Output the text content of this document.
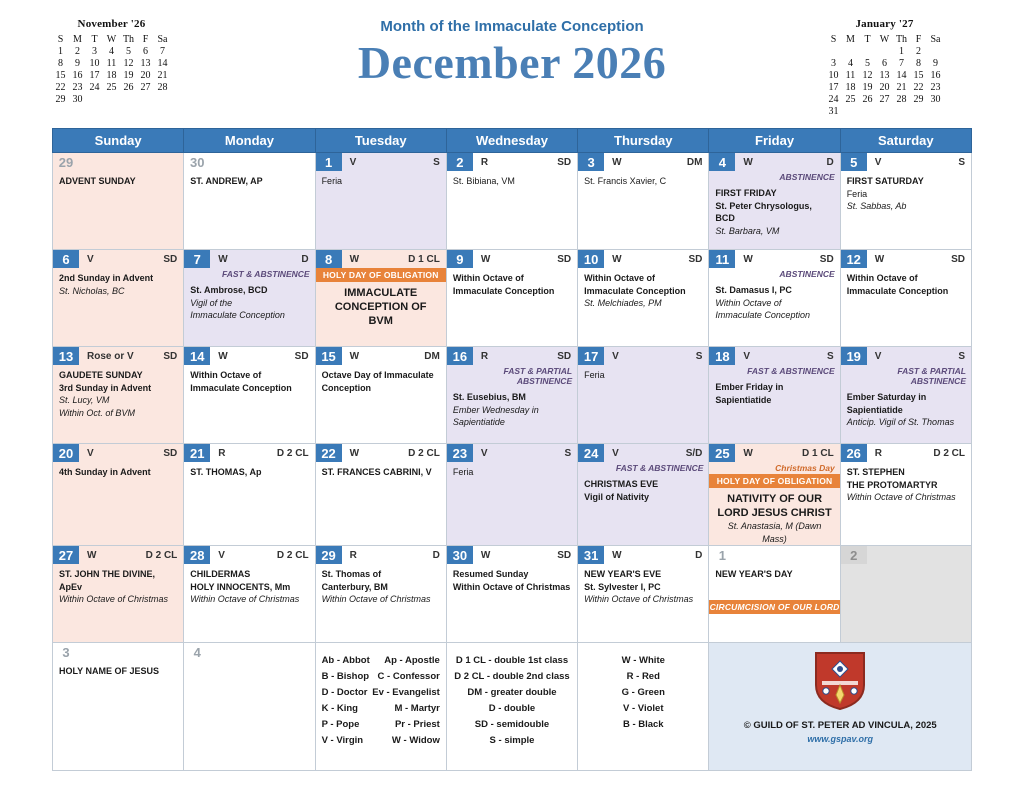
November '26
S	M	T	W	Th	F	Sa
1	2	3	4	5	6	7
8	9	10	11	12	13	14
15	16	17	18	19	20	21
22	23	24	25	26	27	28
29	30					
Month of the Immaculate Conception
December 2026
January '27
S	M	T	W	Th	F	Sa
				1	2	
3	4	5	6	7	8	9
10	11	12	13	14	15	16
17	18	19	20	21	22	23
24	25	26	27	28	29	30
31						
Sunday	Monday	Tuesday	Wednesday	Thursday	Friday	Saturday

29
ADVENT SUNDAY

30
ST. ANDREW, AP

1	V	S
Feria

2	R	SD
St. Bibiana, VM

3	W	DM
St. Francis Xavier, C

4	W	D
ABSTINENCE
FIRST FRIDAY
St. Peter Chrysologus, BCD
St. Barbara, VM

5	V	S
FIRST SATURDAY
Feria
St. Sabbas, Ab

6	V	SD
2nd Sunday in Advent
St. Nicholas, BC

7	W	D
FAST & ABSTINENCE
St. Ambrose, BCD
Vigil of the
Immaculate Conception

8	W	D 1 CL
HOLY DAY OF OBLIGATION
IMMACULATE
CONCEPTION OF BVM

9	W	SD
Within Octave of
Immaculate Conception

10	W	SD
Within Octave of
Immaculate Conception
St. Melchiades, PM

11	W	SD
ABSTINENCE
St. Damasus I, PC
Within Octave of
Immaculate Conception

12	W	SD
Within Octave of
Immaculate Conception

13	Rose or V	SD
GAUDETE SUNDAY
3rd Sunday in Advent
St. Lucy, VM
Within Oct. of BVM

14	W	SD
Within Octave of
Immaculate Conception

15	W	DM
Octave Day of Immaculate
Conception

16	R	SD
FAST & PARTIAL ABSTINENCE
St. Eusebius, BM
Ember Wednesday in
Sapientiatide

17	V	S
Feria

18	V	S
FAST & ABSTINENCE
Ember Friday in
Sapientiatide

19	V	S
FAST & PARTIAL ABSTINENCE
Ember Saturday in
Sapientiatide
Anticip. Vigil of St. Thomas

20	V	SD
4th Sunday in Advent

21	R	D 2 CL
ST. THOMAS, Ap

22	W	D 2 CL
ST. FRANCES CABRINI, V

23	V	S
Feria

24	V	S/D
FAST & ABSTINENCE
CHRISTMAS EVE
Vigil of Nativity

25	W	D 1 CL
Christmas Day
HOLY DAY OF OBLIGATION
NATIVITY OF OUR
LORD JESUS CHRIST
St. Anastasia, M (Dawn Mass)

26	R	D 2 CL
ST. STEPHEN
THE PROTOMARTYR
Within Octave of Christmas

27	W	D 2 CL
ST. JOHN THE DIVINE, ApEv
Within Octave of Christmas

28	V	D 2 CL
CHILDERMAS
HOLY INNOCENTS, Mm
Within Octave of Christmas

29	R	D
St. Thomas of
Canterbury, BM
Within Octave of Christmas

30	W	SD
Resumed Sunday
Within Octave of Christmas

31	W	D
NEW YEAR'S EVE
St. Sylvester I, PC
Within Octave of Christmas

1
NEW YEAR'S DAY
CIRCUMCISION OF OUR LORD

2

3
HOLY NAME OF JESUS

4

Ab - Abbot Ap - Apostle
B - Bishop C - Confessor
D - Doctor Ev - Evangelist
K - King	M - Martyr
P - Pope	Pr - Priest
V - Virgin	W - Widow

D 1 CL - double 1st class
D 2 CL - double 2nd class
DM - greater double
D - double
SD - semidouble
S - simple

W - White
R - Red
G - Green
V - Violet
B - Black	© GUILD OF ST. PETER AD VINCULA, 2025
www.gspav.org
